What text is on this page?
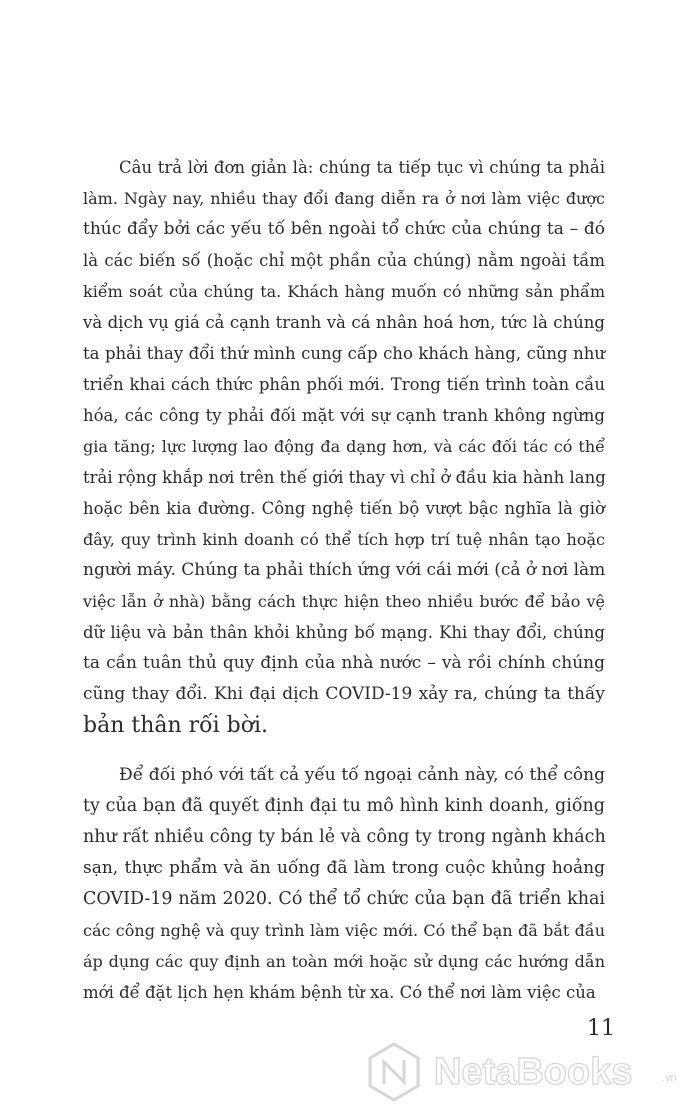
Câu trả lời đơn giản là: chúng ta tiếp tục vì chúng ta phải
làm. Ngày nay, nhiều thay đổi đang diễn ra ở nơi làm việc được
thúc đẩy bởi các yếu tố bên ngoài tổ chức của chúng ta – đó
là các biến số (hoặc chỉ một phần của chúng) nằm ngoài tầm
kiểm soát của chúng ta. Khách hàng muốn có những sản phẩm
và dịch vụ giá cả cạnh tranh và cá nhân hoá hơn, tức là chúng
ta phải thay đổi thứ mình cung cấp cho khách hàng, cũng như
triển khai cách thức phân phối mới. Trong tiến trình toàn cầu
hóa, các công ty phải đối mặt với sự cạnh tranh không ngừng
gia tăng; lực lượng lao động đa dạng hơn, và các đối tác có thể
trải rộng khắp nơi trên thế giới thay vì chỉ ở đầu kia hành lang
hoặc bên kia đường. Công nghệ tiến bộ vượt bậc nghĩa là giờ
đây, quy trình kinh doanh có thể tích hợp trí tuệ nhân tạo hoặc
người máy. Chúng ta phải thích ứng với cái mới (cả ở nơi làm
việc lẫn ở nhà) bằng cách thực hiện theo nhiều bước để bảo vệ
dữ liệu và bản thân khỏi khủng bố mạng. Khi thay đổi, chúng
ta cần tuân thủ quy định của nhà nước – và rồi chính chúng
cũng thay đổi. Khi đại dịch COVID-19 xảy ra, chúng ta thấy
bản thân rối bời.
Để đối phó với tất cả yếu tố ngoại cảnh này, có thể công
ty của bạn đã quyết định đại tu mô hình kinh doanh, giống
như rất nhiều công ty bán lẻ và công ty trong ngành khách
sạn, thực phẩm và ăn uống đã làm trong cuộc khủng hoảng
COVID-19 năm 2020. Có thể tổ chức của bạn đã triển khai
các công nghệ và quy trình làm việc mới. Có thể bạn đã bắt đầu
áp dụng các quy định an toàn mới hoặc sử dụng các hướng dẫn
mới để đặt lịch hẹn khám bệnh từ xa. Có thể nơi làm việc của
11
NetaBooks	.vn
